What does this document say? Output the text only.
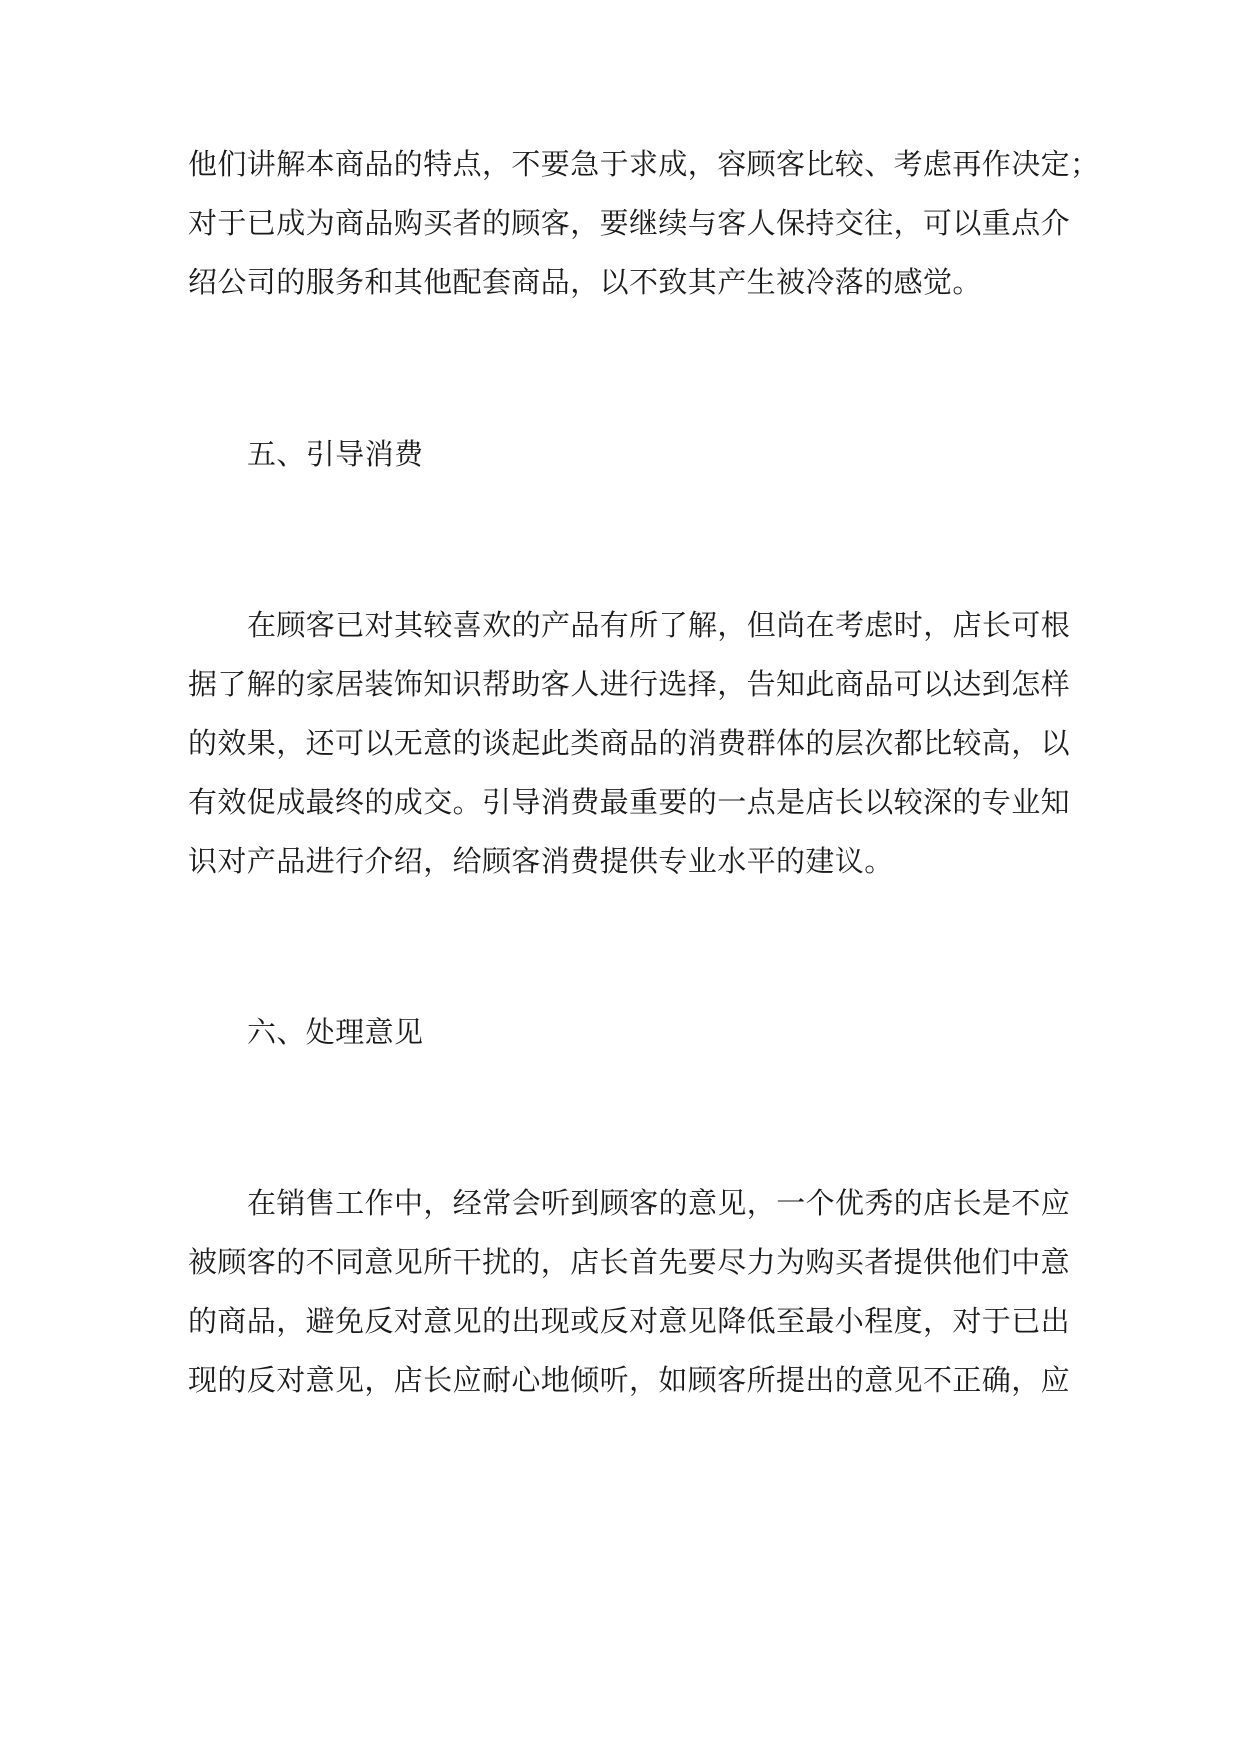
他们讲解本商品的特点，不要急于求成，容顾客比较、考虑再作决定；
对于已成为商品购买者的顾客，要继续与客人保持交往，可以重点介
绍公司的服务和其他配套商品，以不致其产生被冷落的感觉。
五、引导消费
在顾客已对其较喜欢的产品有所了解，但尚在考虑时，店长可根
据了解的家居装饰知识帮助客人进行选择，告知此商品可以达到怎样
的效果，还可以无意的谈起此类商品的消费群体的层次都比较高，以
有效促成最终的成交。引导消费最重要的一点是店长以较深的专业知
识对产品进行介绍，给顾客消费提供专业水平的建议。
六、处理意见
在销售工作中，经常会听到顾客的意见，一个优秀的店长是不应
被顾客的不同意见所干扰的，店长首先要尽力为购买者提供他们中意
的商品，避免反对意见的出现或反对意见降低至最小程度，对于已出
现的反对意见，店长应耐心地倾听，如顾客所提出的意见不正确，应
